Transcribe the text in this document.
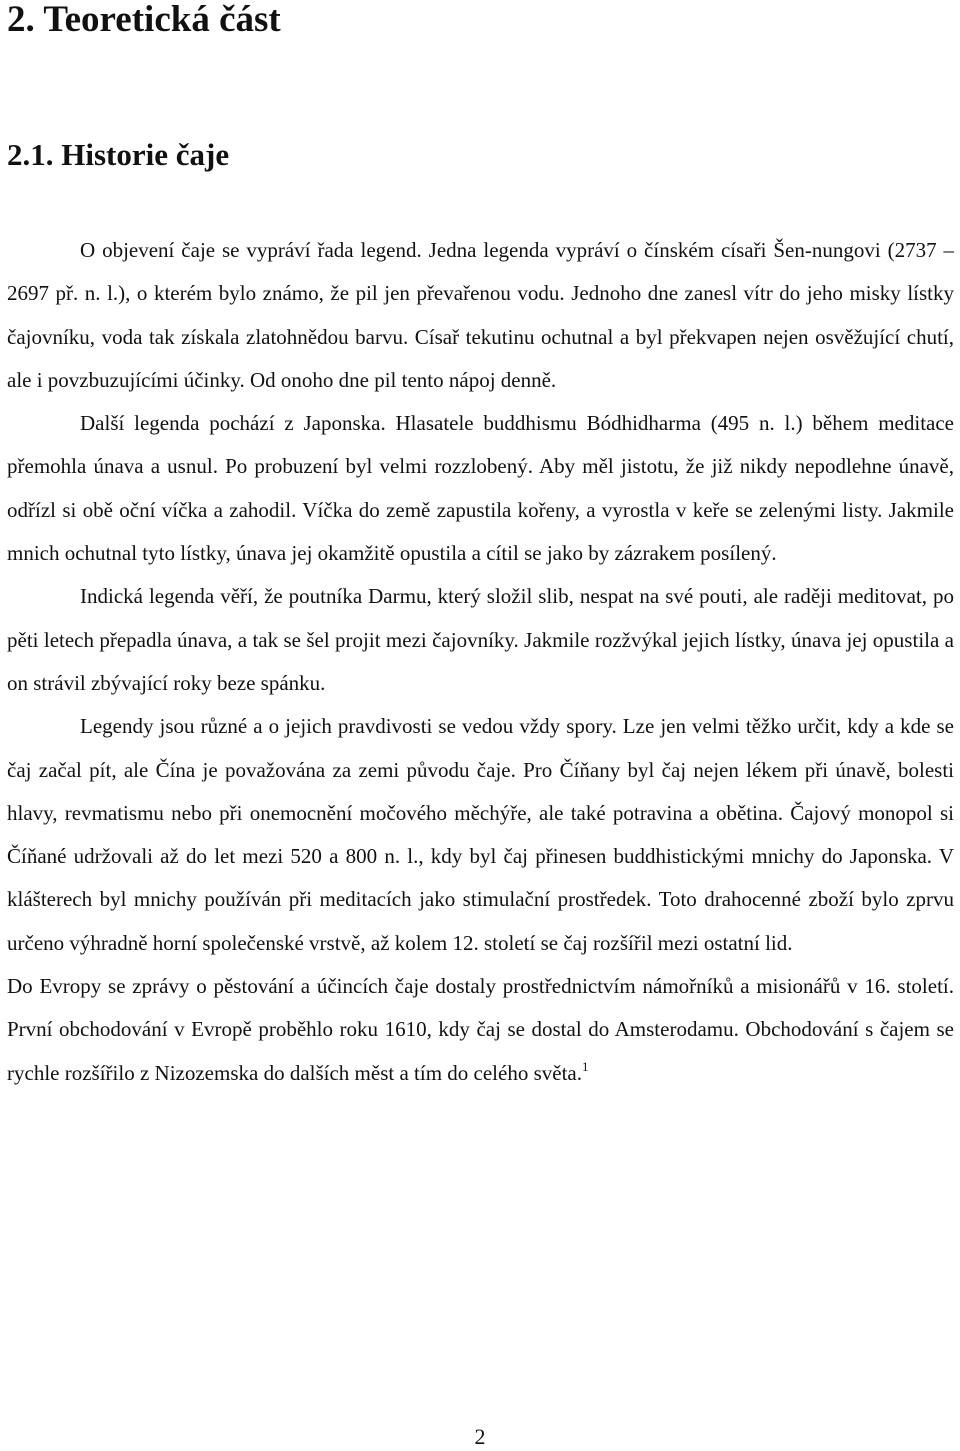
2. Teoretická část
2.1. Historie čaje

O objevení čaje se vypráví řada legend. Jedna legenda vypráví o čínském císaři Šen-nungovi (2737 – 2697 př. n. l.), o kterém bylo známo, že pil jen převařenou vodu. Jednoho dne zanesl vítr do jeho misky lístky čajovníku, voda tak získala zlatohnědou barvu. Císař tekutinu ochutnal a byl překvapen nejen osvěžující chutí, ale i povzbuzujícími účinky. Od onoho dne pil tento nápoj denně.

Další legenda pochází z Japonska. Hlasatele buddhismu Bódhidharma (495 n. l.) během meditace přemohla únava a usnul. Po probuzení byl velmi rozzlobený. Aby měl jistotu, že již nikdy nepodlehne únavě, odřízl si obě oční víčka a zahodil. Víčka do země zapustila kořeny, a vyrostla v keře se zelenými listy. Jakmile mnich ochutnal tyto lístky, únava jej okamžitě opustila a cítil se jako by zázrakem posílený.

Indická legenda věří, že poutníka Darmu, který složil slib, nespat na své pouti, ale raději meditovat, po pěti letech přepadla únava, a tak se šel projit mezi čajovníky. Jakmile rozžvýkal jejich lístky, únava jej opustila a on strávil zbývající roky beze spánku.

Legendy jsou různé a o jejich pravdivosti se vedou vždy spory. Lze jen velmi těžko určit, kdy a kde se čaj začal pít, ale Čína je považována za zemi původu čaje. Pro Číňany byl čaj nejen lékem při únavě, bolesti hlavy, revmatismu nebo při onemocnění močového měchýře, ale také potravina a obětina. Čajový monopol si Číňané udržovali až do let mezi 520 a 800 n. l., kdy byl čaj přinesen buddhistickými mnichy do Japonska. V klášterech byl mnichy používán při meditacích jako stimulační prostředek. Toto drahocenné zboží bylo zprvu určeno výhradně horní společenské vrstvě, až kolem 12. století se čaj rozšířil mezi ostatní lid.

Do Evropy se zprávy o pěstování a účincích čaje dostaly prostřednictvím námořníků a misionářů v 16. století. První obchodování v Evropě proběhlo roku 1610, kdy čaj se dostal do Amsterodamu. Obchodování s čajem se rychle rozšířilo z Nizozemska do dalších měst a tím do celého světa.$^1$

2
